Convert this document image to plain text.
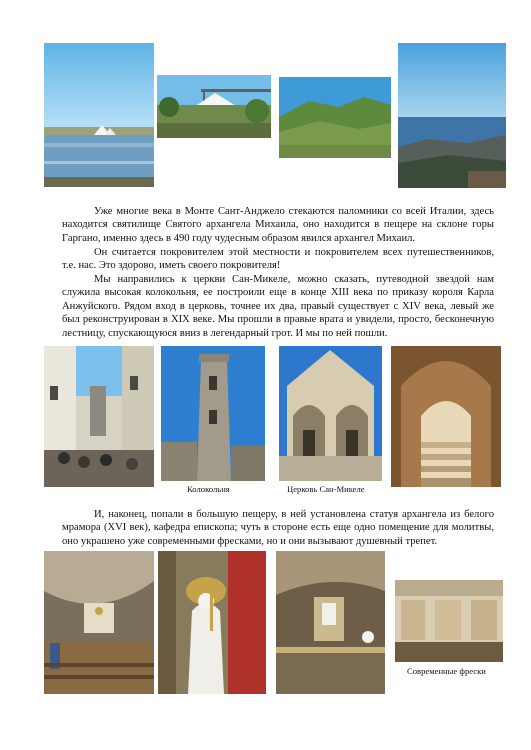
Уже многие века в Монте Сант-Анджело стекаются паломники со всей Италии, здесь находится святилище Святого архангела Михаила, оно находится в пещере на склоне горы Гаргано, именно здесь в 490 году чудесным образом явился архангел Михаил.

Он считается покровителем этой местности и покровителем всех путешественников, т.е. нас. Это здорово, иметь своего покровителя!

Мы направились к церкви Сан-Микеле, можно сказать, путеводной звездой нам служила высокая колокольня, ее построили еще в конце XIII века по приказу короля Карла Анжуйского. Рядом вход в церковь, точнее их два, правый существует с XIV века, левый же был реконструирован в XIX веке. Мы прошли в правые врата и увидели, просто, бесконечную лестницу, спускающуюся вниз в легендарный грот. И мы по ней пошли.

Колокольня	Церковь Сан-Микеле

И, наконец, попали в большую пещеру, в ней установлена статуя архангела из белого мрамора (XVI век), кафедра епископа; чуть в стороне есть еще одно помещение для молитвы, оно украшено уже современными фресками, но и они вызывают душевный трепет.

Современные фрески
